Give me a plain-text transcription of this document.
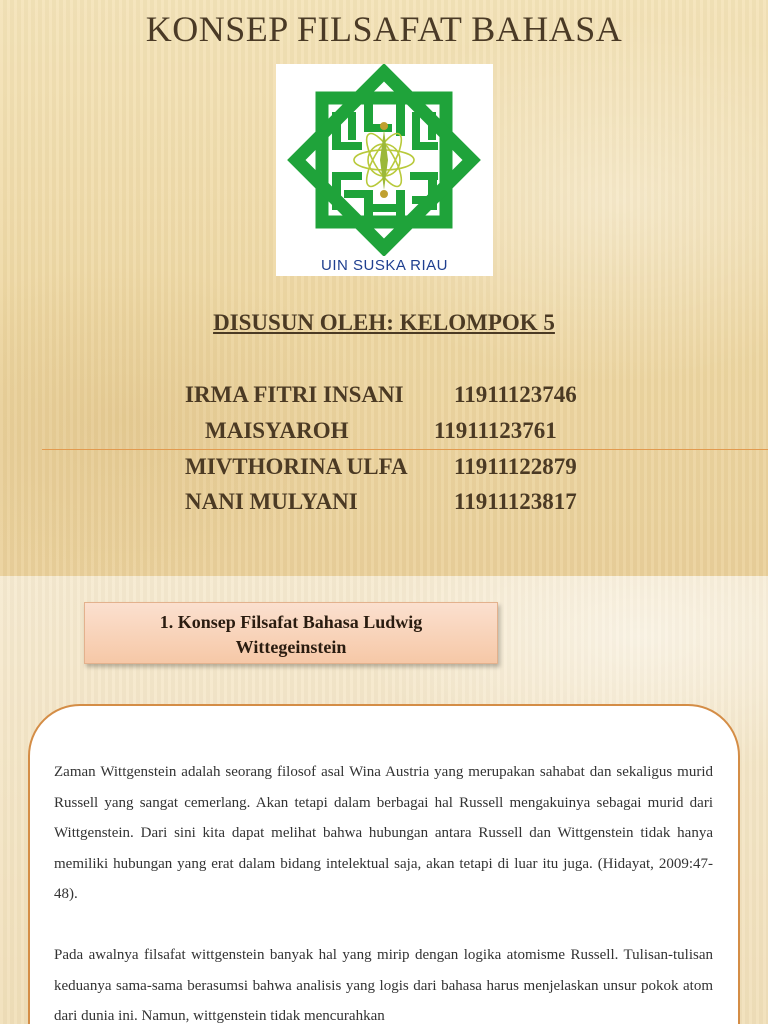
KONSEP FILSAFAT BAHASA
UIN SUSKA RIAU
DISUSUN OLEH: KELOMPOK 5
IRMA FITRI INSANI 11911123746
MAISYAROH	11911123761
MIVTHORINA ULFA 11911122879
NANI MULYANI	11911123817
1. Konsep Filsafat Bahasa Ludwig
Wittegeinstein
Zaman Wittgenstein adalah seorang filosof asal Wina Austria yang merupakan sahabat dan sekaligus murid Russell yang sangat cemerlang. Akan tetapi dalam berbagai hal Russell mengakuinya sebagai murid dari Wittgenstein. Dari sini kita dapat melihat bahwa hubungan antara Russell dan Wittgenstein tidak hanya memiliki hubungan yang erat dalam bidang intelektual saja, akan tetapi di luar itu juga. (Hidayat, 2009:47-48).
Pada awalnya filsafat wittgenstein banyak hal yang mirip dengan logika atomisme Russell. Tulisan-tulisan keduanya sama-sama berasumsi bahwa analisis yang logis dari bahasa harus menjelaskan unsur pokok atom dari dunia ini. Namun, wittgenstein tidak mencurahkan
